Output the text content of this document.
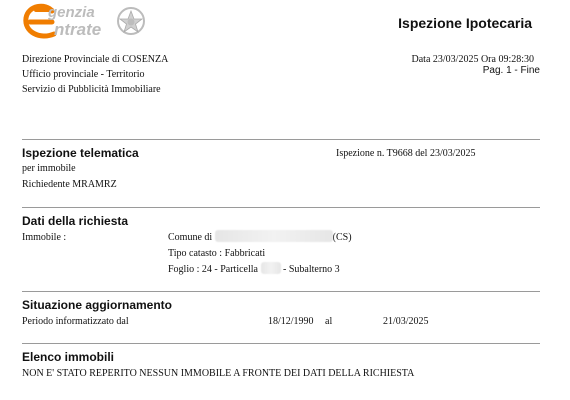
genzia
ntrate	Ispezione Ipotecaria
Direzione Provinciale di COSENZA
Ufficio provinciale - Territorio
Servizio di Pubblicità Immobiliare
Data 23/03/2025 Ora 09:28:30
Pag. 1 - Fine
Ispezione telematica	Ispezione n. T9668 del 23/03/2025
per immobile
Richiedente MRAMRZ
Dati della richiesta
Immobile :	Comune di	(CS)
Tipo catasto : Fabbricati
Foglio : 24 - Particella	- Subalterno 3
Situazione aggiornamento
Periodo informatizzato dal	18/12/1990 al	21/03/2025
Elenco immobili
NON E' STATO REPERITO NESSUN IMMOBILE A FRONTE DEI DATI DELLA RICHIESTA
